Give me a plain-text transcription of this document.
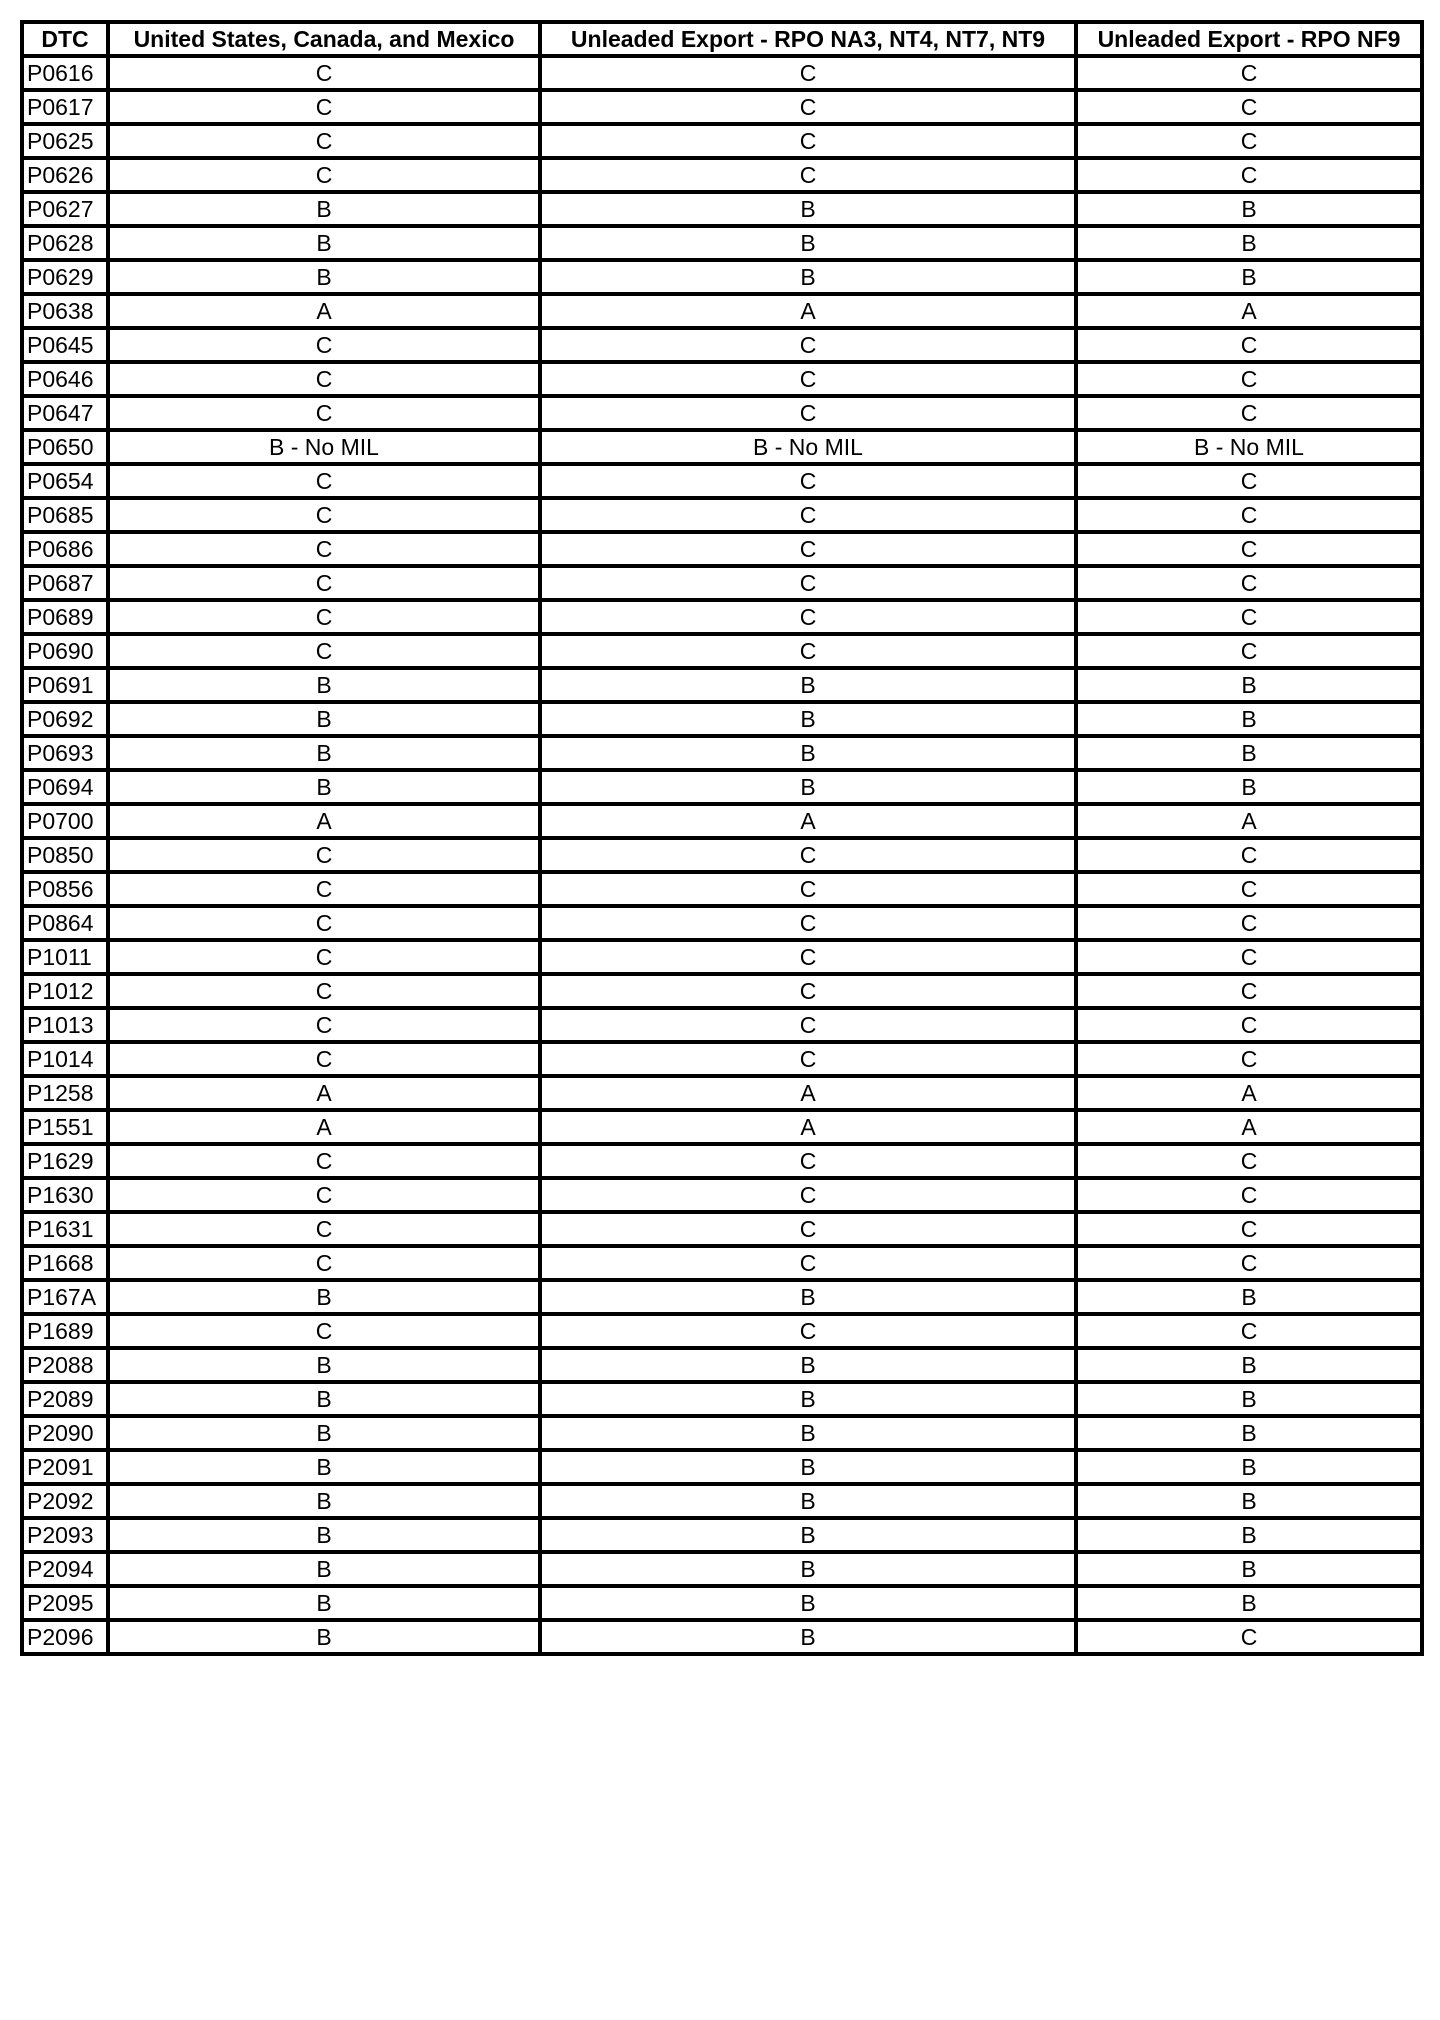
DTC	United States, Canada, and Mexico	Unleaded Export - RPO NA3, NT4, NT7, NT9	Unleaded Export - RPO NF9
P0616	C	C	C
P0617	C	C	C
P0625	C	C	C
P0626	C	C	C
P0627	B	B	B
P0628	B	B	B
P0629	B	B	B
P0638	A	A	A
P0645	C	C	C
P0646	C	C	C
P0647	C	C	C
P0650	B - No MIL	B - No MIL	B - No MIL
P0654	C	C	C
P0685	C	C	C
P0686	C	C	C
P0687	C	C	C
P0689	C	C	C
P0690	C	C	C
P0691	B	B	B
P0692	B	B	B
P0693	B	B	B
P0694	B	B	B
P0700	A	A	A
P0850	C	C	C
P0856	C	C	C
P0864	C	C	C
P1011	C	C	C
P1012	C	C	C
P1013	C	C	C
P1014	C	C	C
P1258	A	A	A
P1551	A	A	A
P1629	C	C	C
P1630	C	C	C
P1631	C	C	C
P1668	C	C	C
P167A	B	B	B
P1689	C	C	C
P2088	B	B	B
P2089	B	B	B
P2090	B	B	B
P2091	B	B	B
P2092	B	B	B
P2093	B	B	B
P2094	B	B	B
P2095	B	B	B
P2096	B	B	C
